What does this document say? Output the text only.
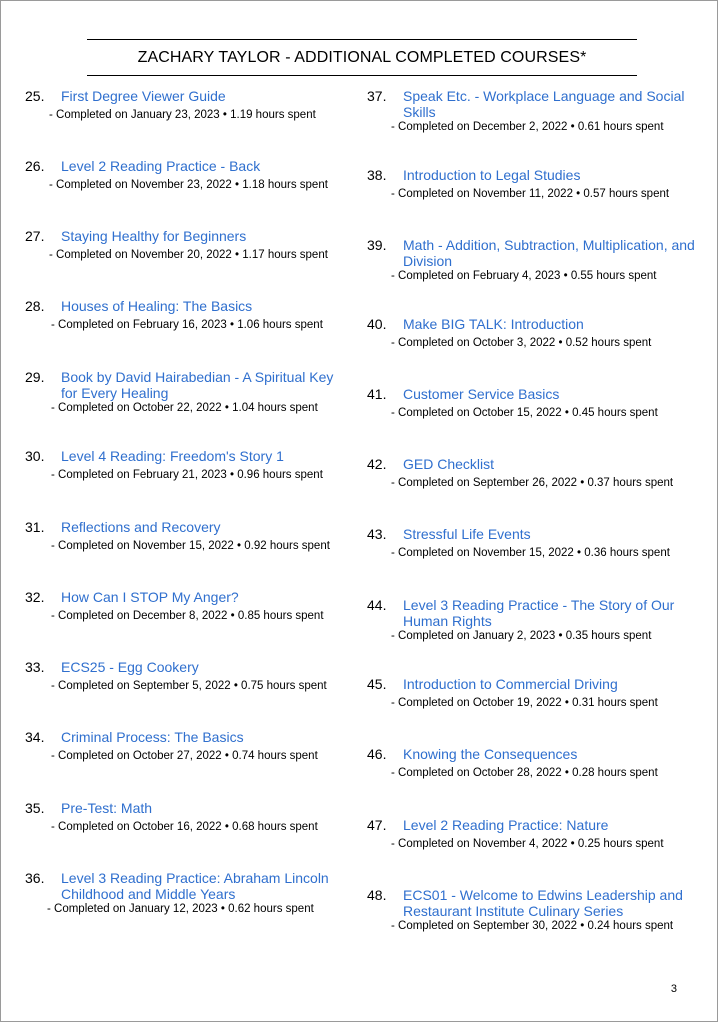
ZACHARY TAYLOR - ADDITIONAL COMPLETED COURSES*
25.	First Degree Viewer Guide
- Completed on January 23, 2023 • 1.19 hours spent
26.	Level 2 Reading Practice - Back
- Completed on November 23, 2022 • 1.18 hours spent
27.	Staying Healthy for Beginners
- Completed on November 20, 2022 • 1.17 hours spent
28.	Houses of Healing: The Basics
- Completed on February 16, 2023 • 1.06 hours spent
29.	Book by David Hairabedian - A Spiritual Key for Every Healing
- Completed on October 22, 2022 • 1.04 hours spent
30.	Level 4 Reading: Freedom's Story 1
- Completed on February 21, 2023 • 0.96 hours spent
31.	Reflections and Recovery
- Completed on November 15, 2022 • 0.92 hours spent
32.	How Can I STOP My Anger?
- Completed on December 8, 2022 • 0.85 hours spent
33.	ECS25 - Egg Cookery
- Completed on September 5, 2022 • 0.75 hours spent
34.	Criminal Process: The Basics
- Completed on October 27, 2022 • 0.74 hours spent
35.	Pre-Test: Math
- Completed on October 16, 2022 • 0.68 hours spent
36.	Level 3 Reading Practice: Abraham Lincoln Childhood and Middle Years
- Completed on January 12, 2023 • 0.62 hours spent
37.	Speak Etc. - Workplace Language and Social Skills
- Completed on December 2, 2022 • 0.61 hours spent
38.	Introduction to Legal Studies
- Completed on November 11, 2022 • 0.57 hours spent
39.	Math - Addition, Subtraction, Multiplication, and Division
- Completed on February 4, 2023 • 0.55 hours spent
40.	Make BIG TALK: Introduction
- Completed on October 3, 2022 • 0.52 hours spent
41.	Customer Service Basics
- Completed on October 15, 2022 • 0.45 hours spent
42.	GED Checklist
- Completed on September 26, 2022 • 0.37 hours spent
43.	Stressful Life Events
- Completed on November 15, 2022 • 0.36 hours spent
44.	Level 3 Reading Practice - The Story of Our Human Rights
- Completed on January 2, 2023 • 0.35 hours spent
45.	Introduction to Commercial Driving
- Completed on October 19, 2022 • 0.31 hours spent
46.	Knowing the Consequences
- Completed on October 28, 2022 • 0.28 hours spent
47.	Level 2 Reading Practice: Nature
- Completed on November 4, 2022 • 0.25 hours spent
48.	ECS01 - Welcome to Edwins Leadership and Restaurant Institute Culinary Series
- Completed on September 30, 2022 • 0.24 hours spent
3
